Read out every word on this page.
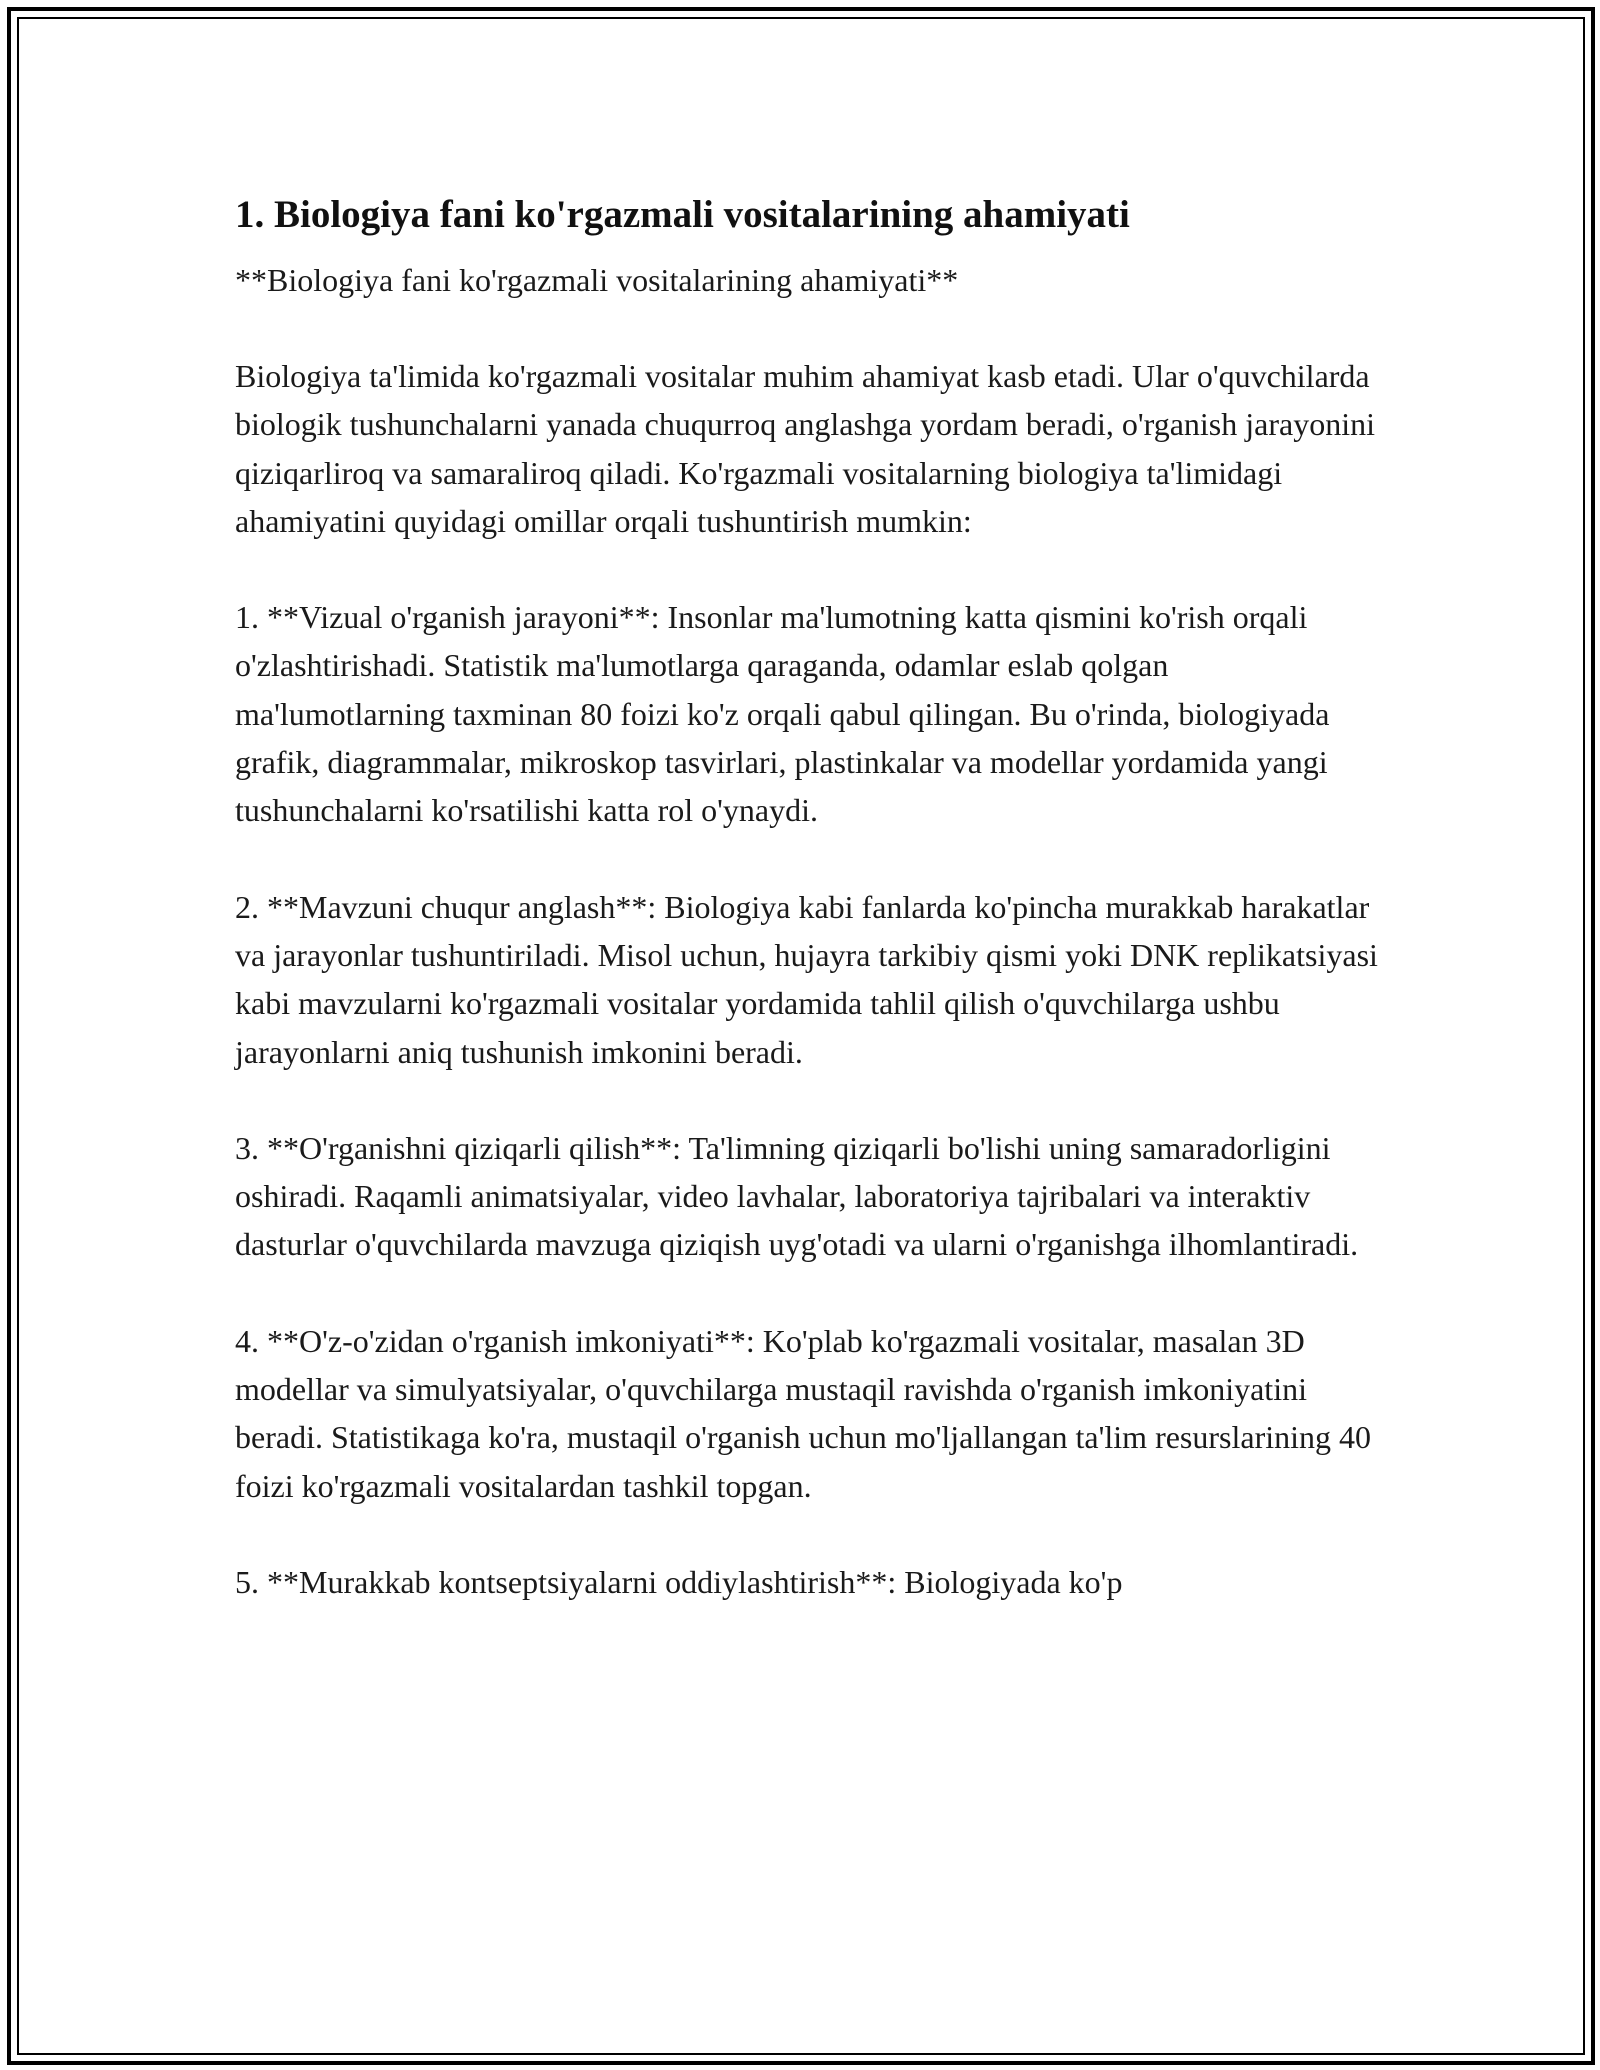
1. Biologiya fani ko'rgazmali vositalarining ahamiyati

**Biologiya fani ko'rgazmali vositalarining ahamiyati**

Biologiya ta'limida ko'rgazmali vositalar muhim ahamiyat kasb etadi. Ular o'quvchilarda biologik tushunchalarni yanada chuqurroq anglashga yordam beradi, o'rganish jarayonini qiziqarliroq va samaraliroq qiladi. Ko'rgazmali vositalarning biologiya ta'limidagi ahamiyatini quyidagi omillar orqali tushuntirish mumkin:

1. **Vizual o'rganish jarayoni**: Insonlar ma'lumotning katta qismini ko'rish orqali o'zlashtirishadi. Statistik ma'lumotlarga qaraganda, odamlar eslab qolgan ma'lumotlarning taxminan 80 foizi ko'z orqali qabul qilingan. Bu o'rinda, biologiyada grafik, diagrammalar, mikroskop tasvirlari, plastinkalar va modellar yordamida yangi tushunchalarni ko'rsatilishi katta rol o'ynaydi.

2. **Mavzuni chuqur anglash**: Biologiya kabi fanlarda ko'pincha murakkab harakatlar va jarayonlar tushuntiriladi. Misol uchun, hujayra tarkibiy qismi yoki DNK replikatsiyasi kabi mavzularni ko'rgazmali vositalar yordamida tahlil qilish o'quvchilarga ushbu jarayonlarni aniq tushunish imkonini beradi.

3. **O'rganishni qiziqarli qilish**: Ta'limning qiziqarli bo'lishi uning samaradorligini oshiradi. Raqamli animatsiyalar, video lavhalar, laboratoriya tajribalari va interaktiv dasturlar o'quvchilarda mavzuga qiziqish uyg'otadi va ularni o'rganishga ilhomlantiradi.

4. **O'z-o'zidan o'rganish imkoniyati**: Ko'plab ko'rgazmali vositalar, masalan 3D modellar va simulyatsiyalar, o'quvchilarga mustaqil ravishda o'rganish imkoniyatini beradi. Statistikaga ko'ra, mustaqil o'rganish uchun mo'ljallangan ta'lim resurslarining 40 foizi ko'rgazmali vositalardan tashkil topgan.

5. **Murakkab kontseptsiyalarni oddiylashtirish**: Biologiyada ko'p
